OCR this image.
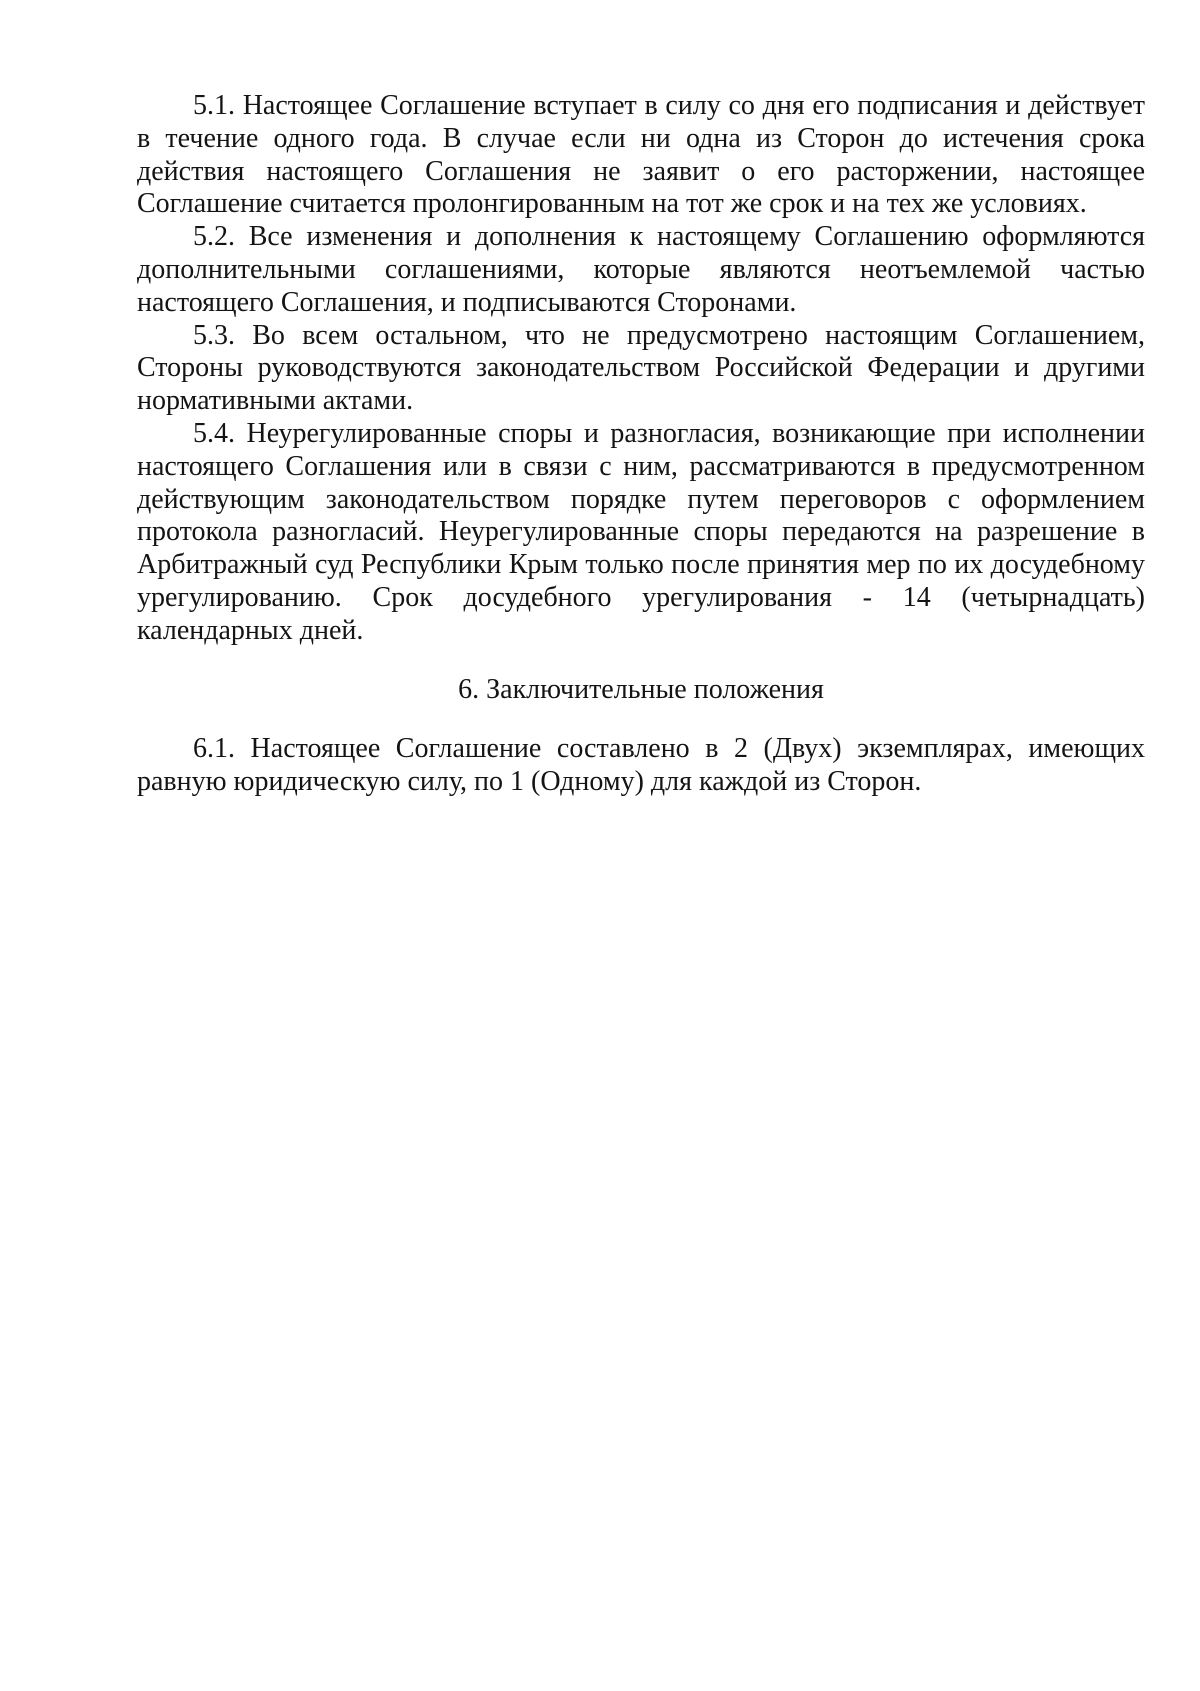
5.1. Настоящее Соглашение вступает в силу со дня его подписания и действует в течение одного года. В случае если ни одна из Сторон до истечения срока действия настоящего Соглашения не заявит о его расторжении, настоящее Соглашение считается пролонгированным на тот же срок и на тех же условиях.

5.2. Все изменения и дополнения к настоящему Соглашению оформляются дополнительными соглашениями, которые являются неотъемлемой частью настоящего Соглашения, и подписываются Сторонами.

5.3. Во всем остальном, что не предусмотрено настоящим Соглашением, Стороны руководствуются законодательством Российской Федерации и другими нормативными актами.

5.4. Неурегулированные споры и разногласия, возникающие при исполнении настоящего Соглашения или в связи с ним, рассматриваются в предусмотренном действующим законодательством порядке путем переговоров с оформлением протокола разногласий. Неурегулированные споры передаются на разрешение в Арбитражный суд Республики Крым только после принятия мер по их досудебному урегулированию. Срок досудебного урегулирования - 14 (четырнадцать) календарных дней.

6. Заключительные положения

6.1. Настоящее Соглашение составлено в 2 (Двух) экземплярах, имеющих равную юридическую силу, по 1 (Одному) для каждой из Сторон.
